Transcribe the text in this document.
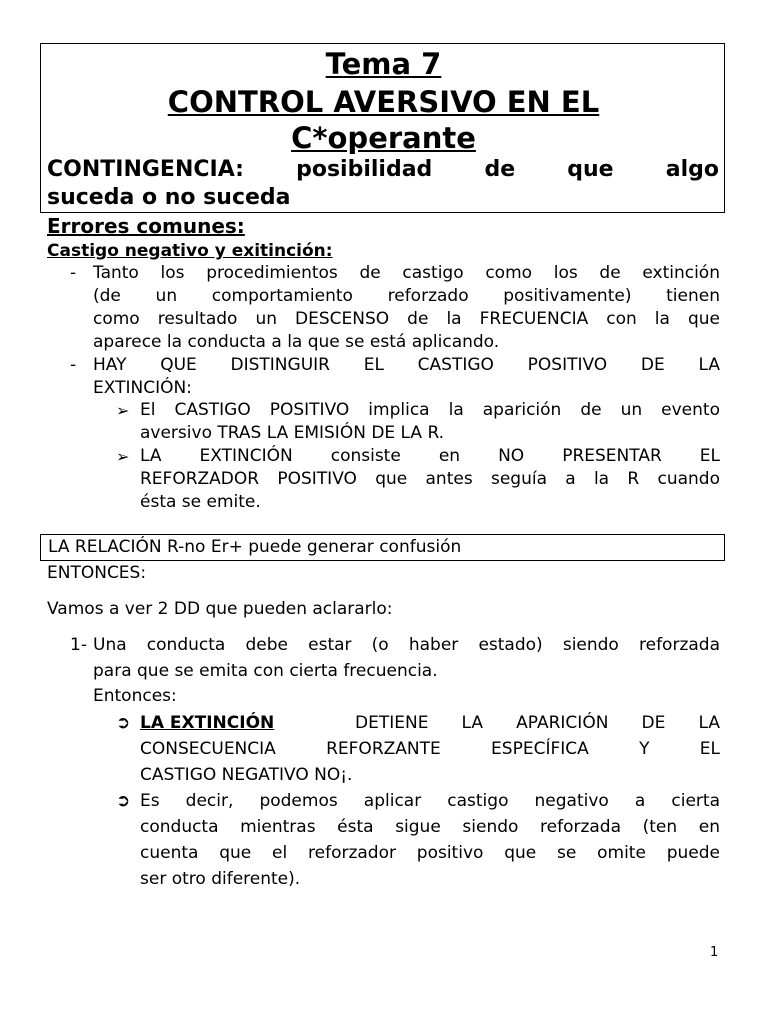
Tema 7
CONTROL AVERSIVO EN EL
C*operante
CONTINGENCIA: posibilidad de que algo
suceda o no suceda
Errores comunes:
Castigo negativo y exitinción:
- Tanto los procedimientos de castigo como los de extinción
(de un comportamiento reforzado positivamente) tienen
como resultado un DESCENSO de la FRECUENCIA con la que
aparece la conducta a la que se está aplicando.
- HAY QUE DISTINGUIR EL CASTIGO POSITIVO DE LA
EXTINCIÓN:
➢ El CASTIGO POSITIVO implica la aparición de un evento
aversivo TRAS LA EMISIÓN DE LA R.
➢ LA EXTINCIÓN consiste en NO PRESENTAR EL
REFORZADOR POSITIVO que antes seguía a la R cuando
ésta se emite.
LA RELACIÓN R-no Er+ puede generar confusión
ENTONCES:
Vamos a ver 2 DD que pueden aclararlo:
1- Una conducta debe estar (o haber estado) siendo reforzada
para que se emita con cierta frecuencia.
Entonces:
➲ LA EXTINCIÓN	DETIENE LA APARICIÓN DE LA
CONSECUENCIA REFORZANTE ESPECÍFICA Y EL
CASTIGO NEGATIVO NO¡.
➲ Es decir, podemos aplicar castigo negativo a cierta
conducta mientras ésta sigue siendo reforzada (ten en
cuenta que el reforzador positivo que se omite puede
ser otro diferente).
1
